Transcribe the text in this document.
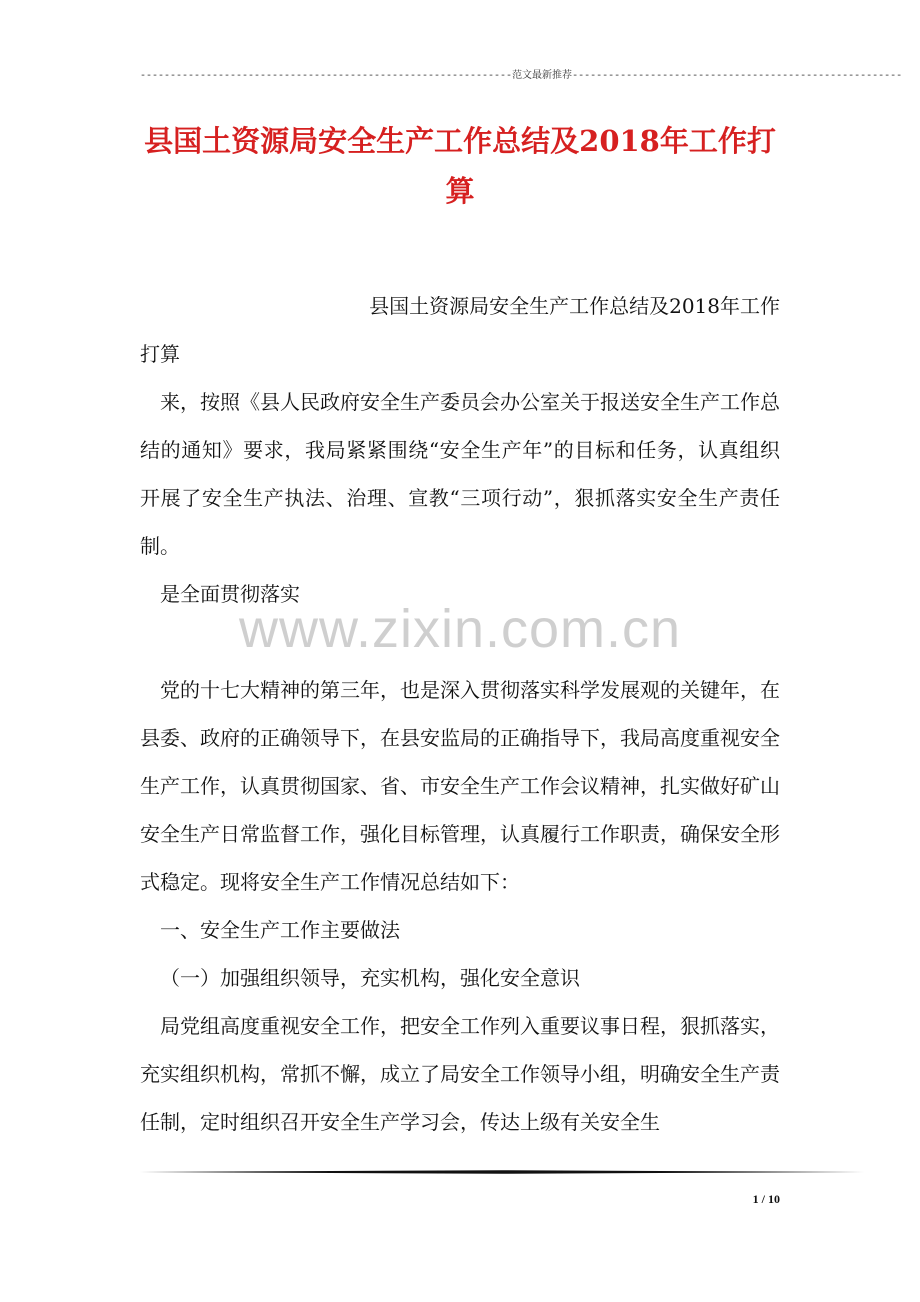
--------------------------------------------------------------范文最新推荐-------------------------------------------------------
县国土资源局安全生产工作总结及2018年工作打算
县国土资源局安全生产工作总结及2018年工作
打算
来，按照《县人民政府安全生产委员会办公室关于报送安全生产工作总结的通知》要求，我局紧紧围绕“安全生产年”的目标和任务，认真组织开展了安全生产执法、治理、宣教“三项行动”，狠抓落实安全生产责任制。
是全面贯彻落实
www.zixin.com.cn
党的十七大精神的第三年，也是深入贯彻落实科学发展观的关键年，在县委、政府的正确领导下，在县安监局的正确指导下，我局高度重视安全生产工作，认真贯彻国家、省、市安全生产工作会议精神，扎实做好矿山安全生产日常监督工作，强化目标管理，认真履行工作职责，确保安全形式稳定。现将安全生产工作情况总结如下：
一、安全生产工作主要做法
（一）加强组织领导，充实机构，强化安全意识
局党组高度重视安全工作，把安全工作列入重要议事日程，狠抓落实，充实组织机构，常抓不懈，成立了局安全工作领导小组，明确安全生产责任制，定时组织召开安全生产学习会，传达上级有关安全生
1 / 10
